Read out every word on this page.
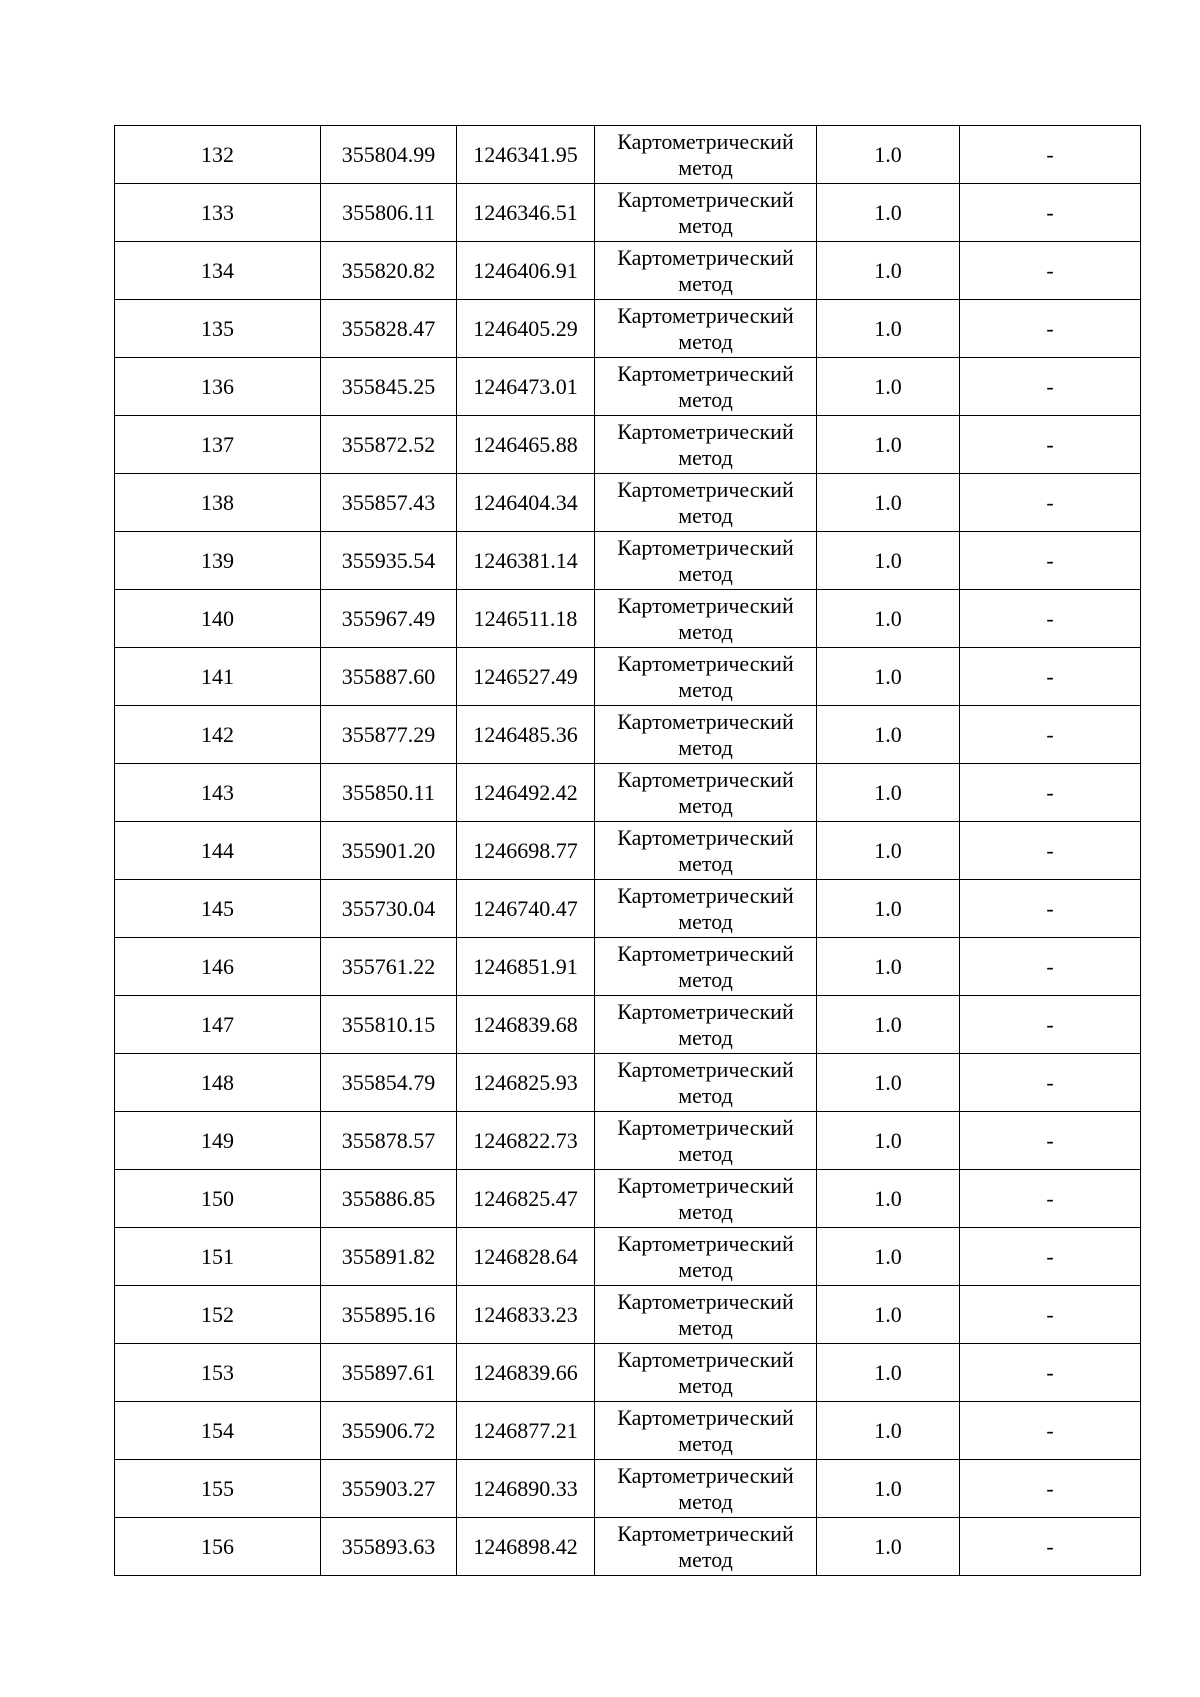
132	355804.99	1246341.95	Картометрический метод	1.0	-
133	355806.11	1246346.51	Картометрический метод	1.0	-
134	355820.82	1246406.91	Картометрический метод	1.0	-
135	355828.47	1246405.29	Картометрический метод	1.0	-
136	355845.25	1246473.01	Картометрический метод	1.0	-
137	355872.52	1246465.88	Картометрический метод	1.0	-
138	355857.43	1246404.34	Картометрический метод	1.0	-
139	355935.54	1246381.14	Картометрический метод	1.0	-
140	355967.49	1246511.18	Картометрический метод	1.0	-
141	355887.60	1246527.49	Картометрический метод	1.0	-
142	355877.29	1246485.36	Картометрический метод	1.0	-
143	355850.11	1246492.42	Картометрический метод	1.0	-
144	355901.20	1246698.77	Картометрический метод	1.0	-
145	355730.04	1246740.47	Картометрический метод	1.0	-
146	355761.22	1246851.91	Картометрический метод	1.0	-
147	355810.15	1246839.68	Картометрический метод	1.0	-
148	355854.79	1246825.93	Картометрический метод	1.0	-
149	355878.57	1246822.73	Картометрический метод	1.0	-
150	355886.85	1246825.47	Картометрический метод	1.0	-
151	355891.82	1246828.64	Картометрический метод	1.0	-
152	355895.16	1246833.23	Картометрический метод	1.0	-
153	355897.61	1246839.66	Картометрический метод	1.0	-
154	355906.72	1246877.21	Картометрический метод	1.0	-
155	355903.27	1246890.33	Картометрический метод	1.0	-
156	355893.63	1246898.42	Картометрический метод	1.0	-
